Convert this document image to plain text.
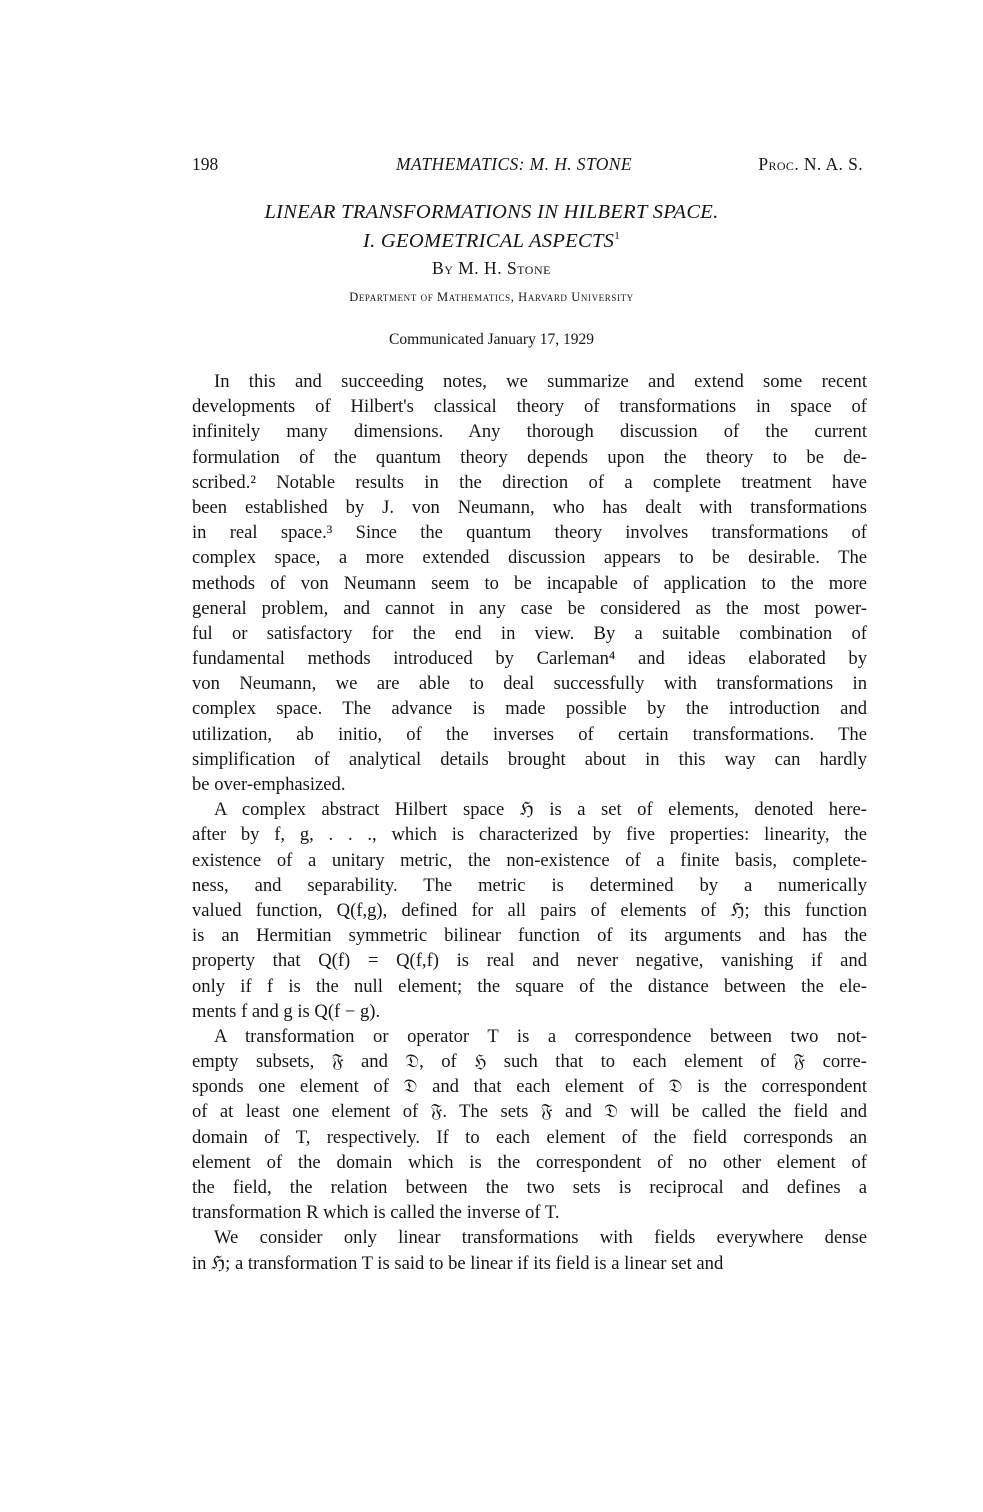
198	MATHEMATICS: M. H. STONE	Proc. N. A. S.
LINEAR TRANSFORMATIONS IN HILBERT SPACE.
I. GEOMETRICAL ASPECTS$^1$
By M. H. Stone
Department of Mathematics, Harvard University
Communicated January 17, 1929
In this and succeeding notes, we summarize and extend some recent
developments of Hilbert's classical theory of transformations in space of
infinitely many dimensions. Any thorough discussion of the current
formulation of the quantum theory depends upon the theory to be de-
scribed.² Notable results in the direction of a complete treatment have
been established by J. von Neumann, who has dealt with transformations
in real space.³ Since the quantum theory involves transformations of
complex space, a more extended discussion appears to be desirable. The
methods of von Neumann seem to be incapable of application to the more
general problem, and cannot in any case be considered as the most power-
ful or satisfactory for the end in view. By a suitable combination of
fundamental methods introduced by Carleman⁴ and ideas elaborated by
von Neumann, we are able to deal successfully with transformations in
complex space. The advance is made possible by the introduction and
utilization, ab initio, of the inverses of certain transformations. The
simplification of analytical details brought about in this way can hardly
be over-emphasized.
A complex abstract Hilbert space ℌ is a set of elements, denoted here-
after by f, g, . . ., which is characterized by five properties: linearity, the
existence of a unitary metric, the non-existence of a finite basis, complete-
ness, and separability. The metric is determined by a numerically
valued function, Q(f,g), defined for all pairs of elements of ℌ; this function
is an Hermitian symmetric bilinear function of its arguments and has the
property that Q(f) = Q(f,f) is real and never negative, vanishing if and
only if f is the null element; the square of the distance between the ele-
ments f and g is Q(f − g).
A transformation or operator T is a correspondence between two not-
empty subsets, 𝔉 and 𝔇, of ℌ such that to each element of 𝔉 corre-
sponds one element of 𝔇 and that each element of 𝔇 is the correspondent
of at least one element of 𝔉. The sets 𝔉 and 𝔇 will be called the field and
domain of T, respectively. If to each element of the field corresponds an
element of the domain which is the correspondent of no other element of
the field, the relation between the two sets is reciprocal and defines a
transformation R which is called the inverse of T.
We consider only linear transformations with fields everywhere dense
in ℌ; a transformation T is said to be linear if its field is a linear set and
